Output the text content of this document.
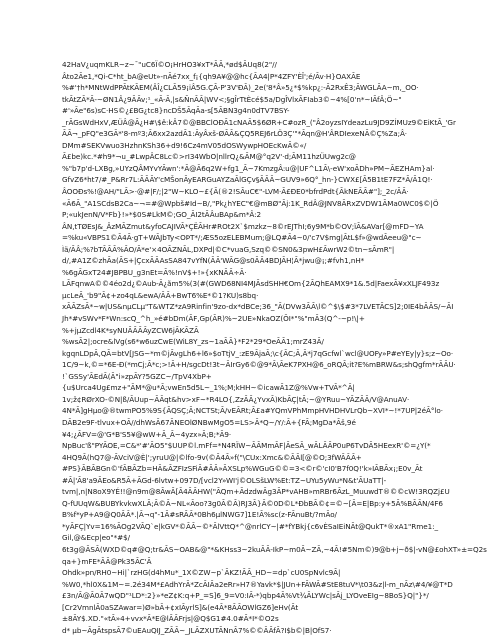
42HaV¿uqmKLR~z~¯"uC6Ï©O¡HrHO3¥xT*ÃÃ,*ød$ÃUq8(2"//
Âto2Ãe1,*Qi-C*ht_bA@eUt»-nÃé7xx_f¡{qh9A¥@@hc{ÃA4|P*4ZFY'ÈÎ';é/Ãv·H}OAXÃE
%#'†h*MNtWdPPÃtKÃEM(ÂÎ¿CLÃ59¡iÂ5G.ÇÃ-P'3V'ÐÃ)_2e('8*Â»5¿*$%kp¿:-Ã2RxÊ3;ÃWGLÃA~m,_OO·
tkÃtZÃ*Ã-~ØN1Â¿9ÃÃv;¹_«Ã-Ã,|s&ÑnÃÃ|WV<;§gÎrTtÈcé$5a/DgÎVlxÃFIab3©~4%[0'n*~IÃfÂ;Ö~"
#'»Ãe"6s)sC·HS©¿£BG¿tc8}ncDŠ5ÃqÃa-s[5ÃBN3g4n0dTV7BSY-
_rÃGsWdHxV,ÆÜÂ@Ã¿H#\$ê:kÂ7©@BBClOÐÃ1cNAÃ5$6ØR+C#ozR_("Â2oyzsIYdeazLu9JD9ZÍMUz9©EiKtÃ_'Gr
ÃÃ¬_pFQ"e3GÃ*'8-mº3;Ã6xx2azdÃ1:ÃyÂxš-ØÃÃ&ÇQ5REJ6rLÖ3Ç'"*Ãqn@H'ÂRDIexeNÃ©Ç%Za;Â·
DMm#SEKVwuo3HzhnKSh36+d9!6Cz4mV05dOSWywpHOEcKwÃ©«/
Ã£be)kc.*#h9*¬u_#LwpÂC8Lc©>rI34WbO|nllrQ¿&ÃM@°q2V'·d;ÃM11hzÜUwg2c@
%"b7p'd-LXBg,»UYzQÂMYvYÃwn':*Ã@Ã6q2W+fg1_Ã~7KmzgÂ:u@|UF^L1Ã\-eW'xoÃDh»PM~ÃEZHAm}al·
GfvZ6*ht7/#_P&Rr7L:ÃÃÃY'cMŠonÃyEARGuAYZaÃlGÇv§ÃÃÃ~GUV9»6Q°_hn-}CWX£[Ã5B1tE7FZ*Ã/Ã1Q!·
ÂOOÐs%!@AH/"LÃ>·@#|F/;|2"W~KLO~£{Ã(®2!SÃuC€"-LVM·Ã£ÐE0*bfrdPdt{ÃkNEÃÃ#"];_2c/ÃÃ·
«Ã6Ã_"A1SCdsB2Ca~¬=#@Wpbš#Id~B/,"Pk¿hYEC"€@mBØ"Ãj:1K_RdÂ@JNV8ÃRxZVDW1ÃMa0WC0$©|Ö
P;«ukJenN/V*Fb}!»*$0S#LkM©;GO_ÃI2tÃÂuBAp&m*Â:2
ÂN,tTØEsJ&_ÂzMÃZmut&yfoCAJIVÃ*ÇËÃHr#ROt2X`$mzkz~8©rEJThI;6y9M*b©OV;ïÃ&AVar[@mFD~YA
=%ku«VBPS1©Ã4Ã·gT+WÃJbTy<OÞT*/;ÆS5ozELEBMum;@LQ#Ã4~0/'c7V$mg|ÃtL$f»@wdÃeeu@"c~
Ìä/ÃÂ;%?bTÃÃÃ%ÃO/Ã*e'×4OÃZNÃL,DXPd|©C*vuaG,Szq©©SN0&3pwH£ÃwrW2©tn~sÃmR"|
d/,#A1Z©zhÃa(ÃS+|ÇcxÃÃAsSA847vYfN(ÃÃ'WÃG@s0ÃÃ4BDJÃH¦Ã*jwu@¡;#fvh1,nH*
%6gÃGxT24#JBPBU_g3nEt=Ã%!nV$+!»{xKNÃÃ÷Ã·
LÃFqnwA©©4éo2d¿©Aub-Ã¿ãm5%(3(#(GWD68NI4MJÃsdSHH€Om{2ÃQhEAMX9*1&.5d|FaexÃ¥xXLJF493z
µcLeÃ_'b9"Ã¢+zo4qL&ewA/ÃÃ+BwT6%E*©1?KU)s8bq·
xÃÃZsÃ*~w|US&nµCLµ"T&WTZ*zA9Rinfin'9zo-dx*dBCe;36_"Ã(DVw3ÃÃ\l©^$\$#3*7LVETÃCS]2;0IE4bÃÃS/~ÃI
Jh*#vSWv*F*Wn:scQ_^h_»é#bDm(ÃF,Gp(ÃR)%~2UE»NkaOZ(ÕI*"%"mÃ3(Q^-~p!\|+
%+jµZcdl4K*syNUÃÃÃÃyZCW6jÃKÃZÃ
%wsÃ2|;ocre&lVg(s6*w6uzCwE(WiL8Y_zs~1aÃÃ}*F2*29*OeÃÃ1;mrZ43Ã/
kgqnLDpÃ,QÃ=btV[JSG~*m©jÃvgLh6+l6»$oTtjV_:zE9ÃjaÃ;\c{ÃC;Ã,Ã*j7qGcfwl`wcl@UOFy»P#eYEy|y}s;z~Oo·
1C/9~k,©=*6E-Ð(*mCj;Ã*c;>!Ã+H/sgcDt!3t~ÃIrGy6©@9*Ã\ÃeK7PXH@6_oRQÃ;it?E%mBRW&s;shQgfm*rÃÃU·
!`GSSy'ÃEdÃ(Ã"i»zpÃY?5GZC~/TpV4XbP+
{u$Urca4Ug£mz+"ÃM*@u*Ã;vwEn5d5L~_1%;M;kHH~©icawÃ1Z@%Vw+TVÃ*^Ã|
1v;ž¢RØrXO-©N|ß/ÃUup~ÃÃqt&hv>xF~*R4LO{,ZzÃÃ¿YvxÃ)KbÃÇ|tÃ;~@YRuu~YÃZÃÃ/V@AnuAV·
4N*Ã]gHµo@®twmPO5%9S{ÃQSÇ;Ã;NCTSt;Ã/vEÃRt;Ã£a#YQmVPhMmpHVHDHVLrQb~XVI*~!*7UP|2éÃ°lo·
DÃB2e9F-tlvux+OÃ//dhWsÃ67ÃNEOlØNBwMgO5=LS>Ã*Q~/Y/:Ã+{FÃ;MgDa*Ãš,9é
¥4;¿ÃFV=@'G*B'S5¥@wW+Ã_Ã~4yzx»Ã;B;*Ã9·
NpBuc'ß"PYÃOE,=C&*'#'ÃO5"$UUP©l.mFf=*N4RÏW~ÃÃMmÃF|ÃeSÃ_wÃLÃÃP0uP6TvDÃ5HEexR'©=¿Y(*
4HQ9Ã(hQ7@-ÃVciV@È|';yruU@|©lfo-9v(©Ã4Ã»f("\CUx:Xmc&©ÃÃl[@©O;3fWÃÃÃ+
#PS}ÃBÃBGn©'fÃBÃZb=HÃ&ÃZFIzSFiÃ#ÃÃ»ÃXSLp%WGuG©©=3<©r©'cI0'B7f0Q!'k»IÃBÃx¡;E0v_Ãt
#Ã|'Ã8'a9ÃEo&R5Ã+ÃGd-6lvtw+097D/[vcl2Y»WI'j©OLSšLW%Et:TZ~UYu5yWu*N&t'ÃUaTT|-
tvm|,n|N8oX9YÉ!!@n9m@8ÃwÃ[Ã4ÃÃHW("ÃQm+ÃdzdwÃg3ÃP*vAHB»mRBr6ÃzL_MuuwdT®©©cW!3RQZj£U
Q-fUUqW&BUBYkvkwXLÃ;Ã©Ã~NL«Ãoo?3g0Ã©Ã)RJ3Ã}Ã©0D©L*ÐbBÃ©¢=©~[Ã=E|Bp:y+5Ã%BÃÃN/4F6
B%f*yP+A9@Q0ÃÃ*.|Ã¬q"-1Ã#sRÃÃ*0Bh6µlNWG7]1E!Ã%sc(z-FÃnuBt/?mÃo/
*yÃFÇ|Yv=16%ÃOg2VÃQ`e|kGV*©ÃÃ~©*ÃlVttQ*^@nrlCY~|#*fYBkj{c6vÈSaIEiNÃt@QukT*®xA1"Rme1:_
Gil,@&Ecp|eo"*#$/
6t3g@ÃSÃ(WXD©q#@Q;tr&ÃS~OAB&@"*&KHss3~2kuÃÃ-IkP~m0Ã~ZÃ,~4Ã!#5Nm©)9@b+j~ð$|-vN@£ohXT»±=Q2s
qa+}mFE*ÃÃ@Pk35ÃC'Ã
Ohdk»pn/RH0~Hi|`rzHG(d4hMu*_1X©ZW~p`ÃKZ!ÃÃ_HD~=dp`cU0SpNvlc9Ã|
%W0,*hl0X&1M~=.2é34M*£AdhYrÃ*ZcÃIÃa2eRr»H7®Yavk*$|JUn+FÃWÃ#StE8tuV*\t03&z|l-m_nÃz\#4/¥@T*D
£3n/Ã@Ã0Ã7wQD"¹LD*:2}»*eZ¢K:q+P_=S]6_9=V0:IÃ-*)qbp4Ã%Vt¾ÃLYWc|sÃj_LYOveEIg~8BoS}Q|"}*/
[Cr2VmnlÃ0aSZAwar=)Ø»bÃ+¢xIÃyrlS]&(e4Ã*8ÃÃOWlGZ6]eHv(Ãt
±8ÃY$.XD."«tÃ»4+vvx*Ã*E@lÃÃFrjs|@Q$G1#4.0#Ã*I*©O2s
d* µb~ÃgÃtspsÃ7©uEAuQIJ_ZÃÃ~_JLÃZXUTÃNnÃ7%©©ÃÃfÃ?I$b©|B|OfS7·
